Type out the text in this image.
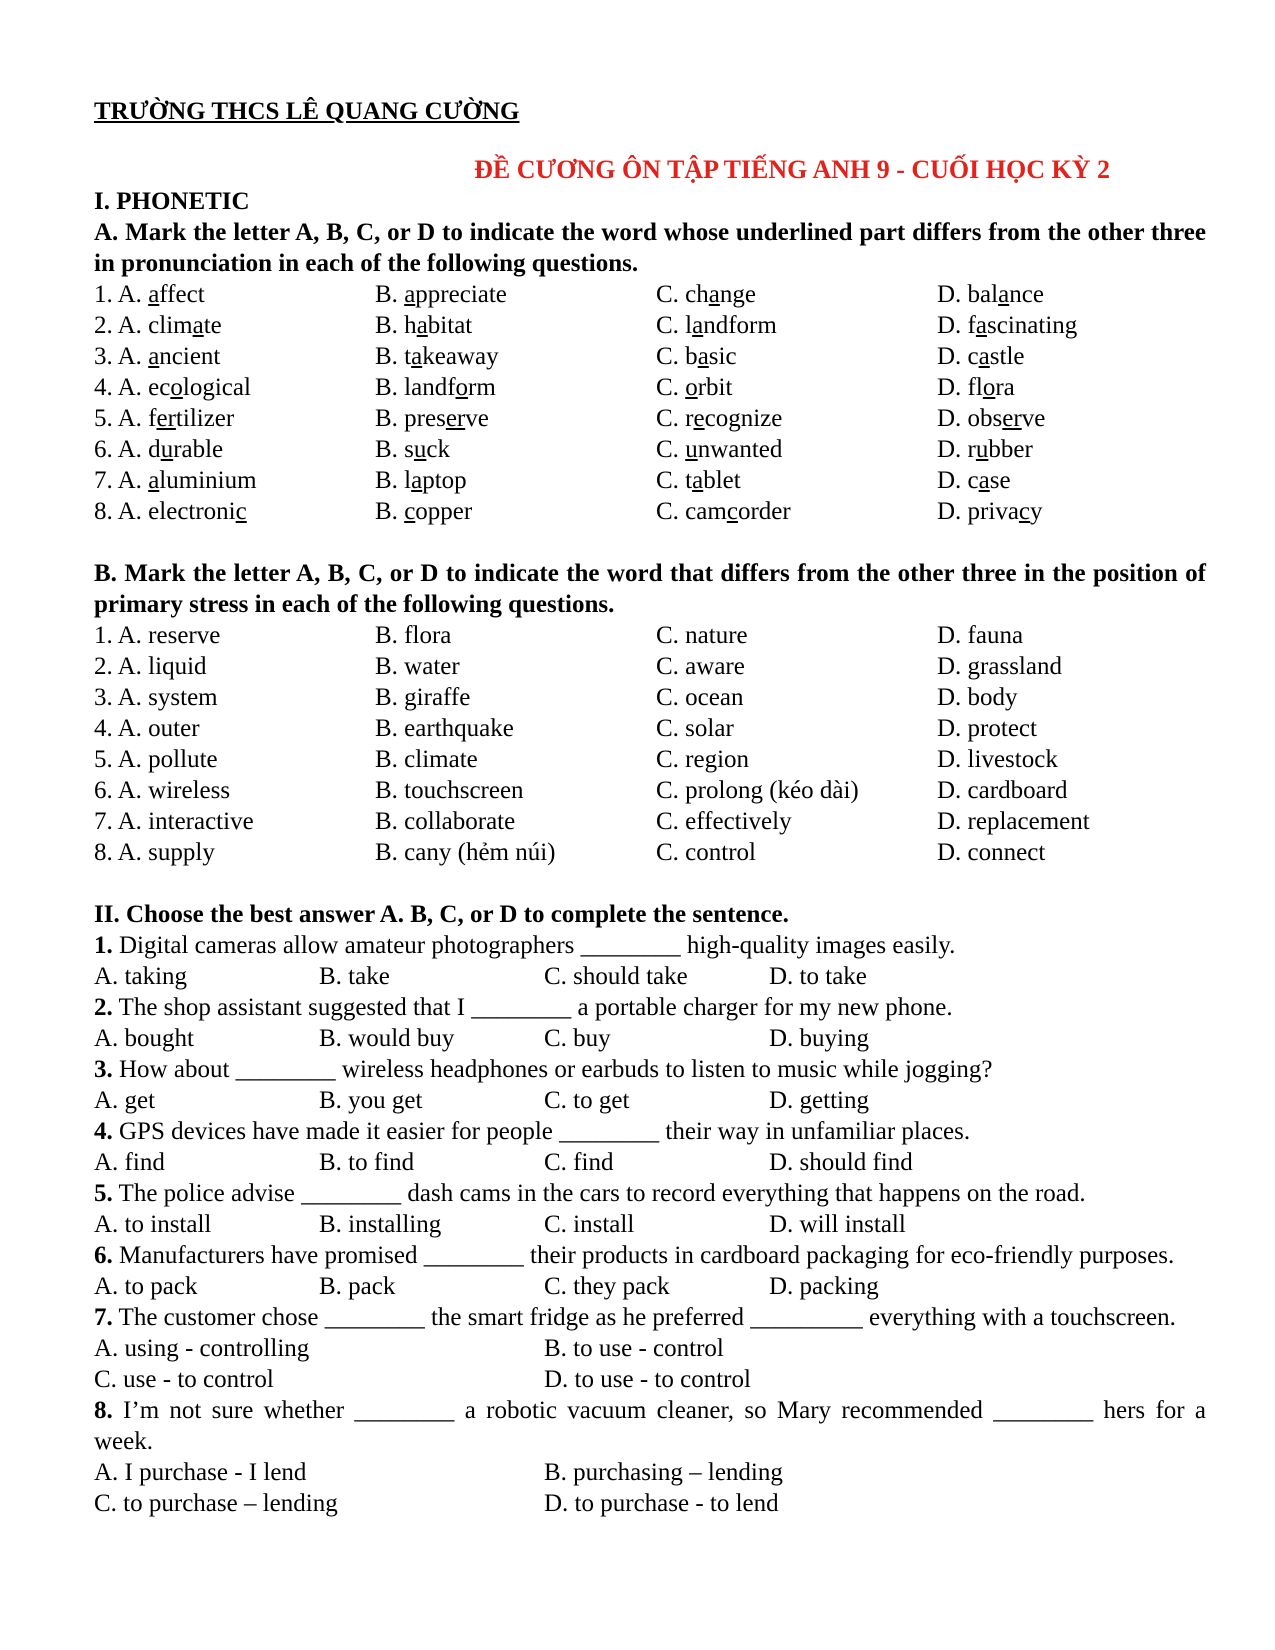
TRƯỜNG THCS LÊ QUANG CƯỜNG
ĐỀ CƯƠNG ÔN TẬP TIẾNG ANH 9 - CUỐI HỌC KỲ 2
I. PHONETIC
A. Mark the letter A, B, C, or D to indicate the word whose underlined part differs from the other three in pronunciation in each of the following questions.
1. A. affect	B. appreciate	C. change	D. balance
2. A. climate	B. habitat	C. landform	D. fascinating
3. A. ancient	B. takeaway	C. basic	D. castle
4. A. ecological	B. landform	C. orbit	D. flora
5. A. fertilizer	B. preserve	C. recognize	D. observe
6. A. durable	B. suck	C. unwanted	D. rubber
7. A. aluminium	B. laptop	C. tablet	D. case
8. A. electronic	B. copper	C. camcorder	D. privacy
B. Mark the letter A, B, C, or D to indicate the word that differs from the other three in the position of primary stress in each of the following questions.
1. A. reserve	B. flora	C. nature	D. fauna
2. A. liquid	B. water	C. aware	D. grassland
3. A. system	B. giraffe	C. ocean	D. body
4. A. outer	B. earthquake	C. solar	D. protect
5. A. pollute	B. climate	C. region	D. livestock
6. A. wireless	B. touchscreen	C. prolong (kéo dài)	D. cardboard
7. A. interactive	B. collaborate	C. effectively	D. replacement
8. A. supply	B. cany (hẻm núi)	C. control	D. connect
II. Choose the best answer A. B, C, or D to complete the sentence.
1. Digital cameras allow amateur photographers ________ high-quality images easily.
A. taking	B. take	C. should take	D. to take
2. The shop assistant suggested that I ________ a portable charger for my new phone.
A. bought	B. would buy	C. buy	D. buying
3. How about ________ wireless headphones or earbuds to listen to music while jogging?
A. get	B. you get	C. to get	D. getting
4. GPS devices have made it easier for people ________ their way in unfamiliar places.
A. find	B. to find	C. find	D. should find
5. The police advise ________ dash cams in the cars to record everything that happens on the road.
A. to install	B. installing	C. install	D. will install
6. Manufacturers have promised ________ their products in cardboard packaging for eco-friendly purposes.
A. to pack	B. pack	C. they pack	D. packing
7. The customer chose ________ the smart fridge as he preferred _________ everything with a touchscreen.
A. using - controlling	B. to use - control
C. use - to control	D. to use - to control
8. I’m not sure whether ________ a robotic vacuum cleaner, so Mary recommended ________ hers for a week.
A. I purchase - I lend	B. purchasing – lending
C. to purchase – lending	D. to purchase - to lend
